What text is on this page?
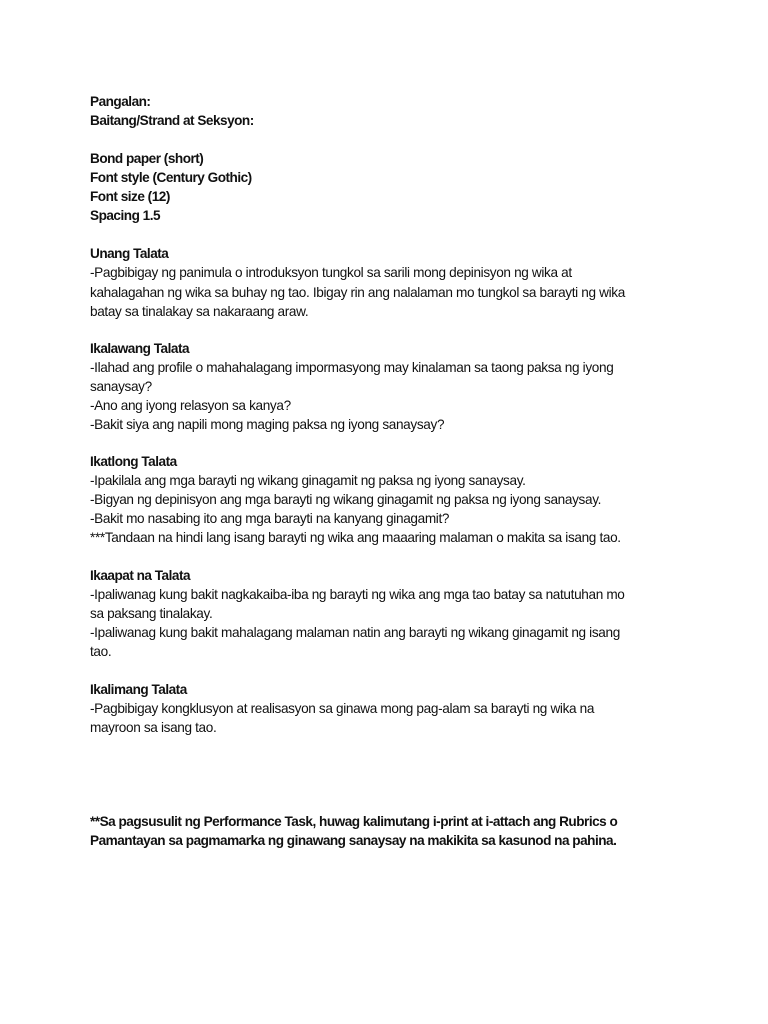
Pangalan:
Baitang/Strand at Seksyon:
Bond paper (short)
Font style (Century Gothic)
Font size (12)
Spacing 1.5
Unang Talata
-Pagbibigay ng panimula o introduksyon tungkol sa sarili mong depinisyon ng wika at
kahalagahan ng wika sa buhay ng tao. Ibigay rin ang nalalaman mo tungkol sa barayti ng wika
batay sa tinalakay sa nakaraang araw.
Ikalawang Talata
-Ilahad ang profile o mahahalagang impormasyong may kinalaman sa taong paksa ng iyong
sanaysay?
-Ano ang iyong relasyon sa kanya?
-Bakit siya ang napili mong maging paksa ng iyong sanaysay?
Ikatlong Talata
-Ipakilala ang mga barayti ng wikang ginagamit ng paksa ng iyong sanaysay.
-Bigyan ng depinisyon ang mga barayti ng wikang ginagamit ng paksa ng iyong sanaysay.
-Bakit mo nasabing ito ang mga barayti na kanyang ginagamit?
***Tandaan na hindi lang isang barayti ng wika ang maaaring malaman o makita sa isang tao.
Ikaapat na Talata
-Ipaliwanag kung bakit nagkakaiba-iba ng barayti ng wika ang mga tao batay sa natutuhan mo
sa paksang tinalakay.
-Ipaliwanag kung bakit mahalagang malaman natin ang barayti ng wikang ginagamit ng isang
tao.
Ikalimang Talata
-Pagbibigay kongklusyon at realisasyon sa ginawa mong pag-alam sa barayti ng wika na
mayroon sa isang tao.
**Sa pagsusulit ng Performance Task, huwag kalimutang i-print at i-attach ang Rubrics o
Pamantayan sa pagmamarka ng ginawang sanaysay na makikita sa kasunod na pahina.
